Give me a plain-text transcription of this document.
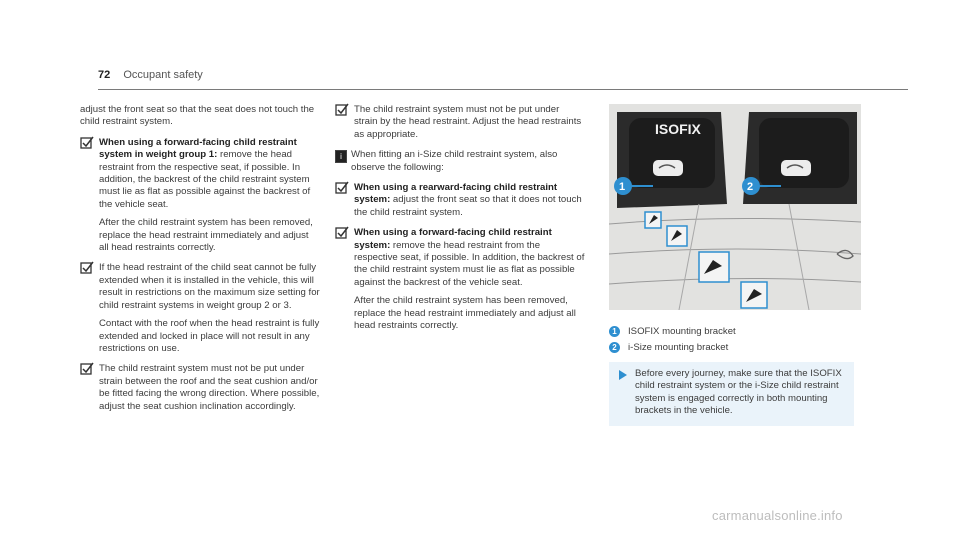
72 Occupant safety

adjust the front seat so that the seat does not touch the child restraint system.

When using a forward-facing child restraint system in weight group 1: remove the head restraint from the respective seat, if possible. In addition, the backrest of the child restraint system must lie as flat as possible against the backrest of the vehicle seat.
After the child restraint system has been removed, replace the head restraint immediately and adjust all head restraints correctly.
If the head restraint of the child seat cannot be fully extended when it is installed in the vehicle, this will result in restrictions on the maximum size setting for child restraint systems in weight group 2 or 3.
Contact with the roof when the head restraint is fully extended and locked in place will not result in any restrictions on use.
The child restraint system must not be put under strain between the roof and the seat cushion and/or be fitted facing the wrong direction. Where possible, adjust the seat cushion inclination accordingly.
The child restraint system must not be put under strain by the head restraint. Adjust the head restraints as appropriate.
i When fitting an i-Size child restraint system, also observe the following:
When using a rearward-facing child restraint system: adjust the front seat so that it does not touch the child restraint system.
When using a forward-facing child restraint system: remove the head restraint from the respective seat, if possible. In addition, the backrest of the child restraint system must lie as flat as possible against the backrest of the vehicle seat.
After the child restraint system has been removed, replace the head restraint immediately and adjust all head restraints correctly.
ISOFIX
1	2
1	ISOFIX mounting bracket
2	i-Size mounting bracket
Before every journey, make sure that the ISOFIX child restraint system or the i-Size child restraint system is engaged correctly in both mounting brackets in the vehicle.
carmanualsonline.info
